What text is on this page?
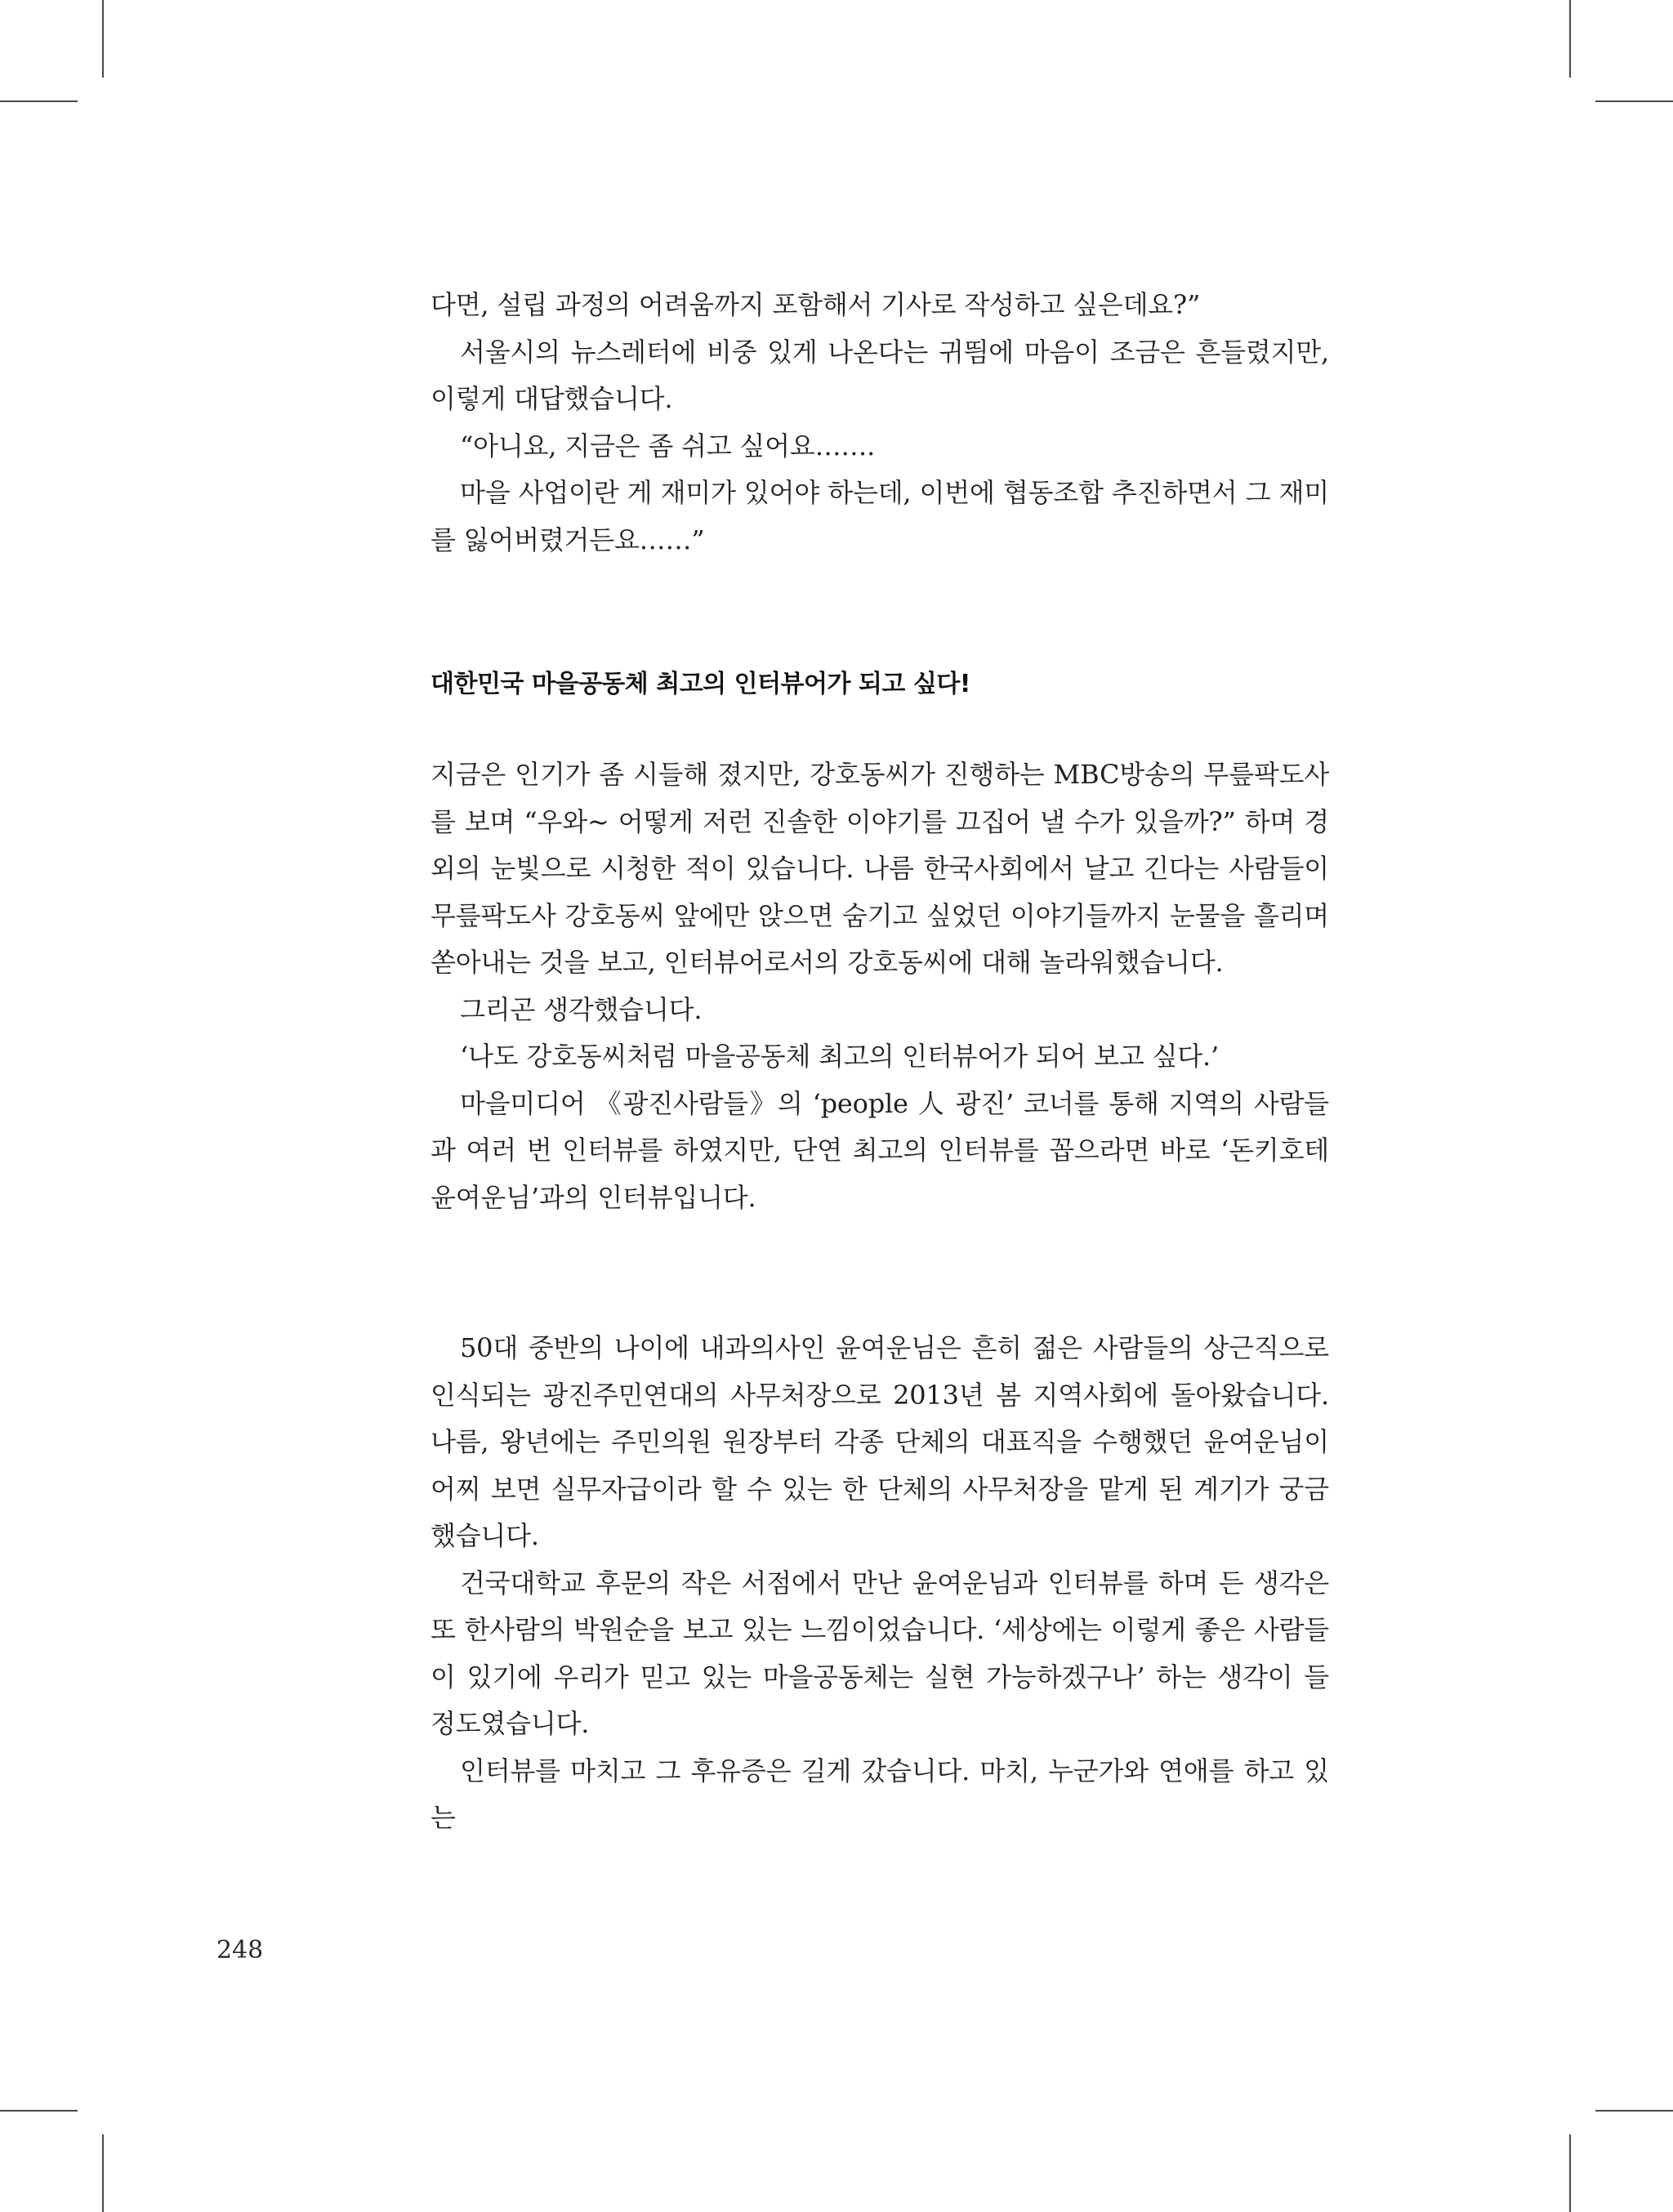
다면, 설립 과정의 어려움까지 포함해서 기사로 작성하고 싶은데요?”

서울시의 뉴스레터에 비중 있게 나온다는 귀띔에 마음이 조금은 흔들렸지만, 이렇게 대답했습니다.

“아니요, 지금은 좀 쉬고 싶어요…….

마을 사업이란 게 재미가 있어야 하는데, 이번에 협동조합 추진하면서 그 재미를 잃어버렸거든요……”

대한민국 마을공동체 최고의 인터뷰어가 되고 싶다!

지금은 인기가 좀 시들해 졌지만, 강호동씨가 진행하는 MBC방송의 무릎팍도사를 보며 “우와~ 어떻게 저런 진솔한 이야기를 끄집어 낼 수가 있을까?” 하며 경외의 눈빛으로 시청한 적이 있습니다. 나름 한국사회에서 날고 긴다는 사람들이 무릎팍도사 강호동씨 앞에만 앉으면 숨기고 싶었던 이야기들까지 눈물을 흘리며 쏟아내는 것을 보고, 인터뷰어로서의 강호동씨에 대해 놀라워했습니다.

그리곤 생각했습니다.

‘나도 강호동씨처럼 마을공동체 최고의 인터뷰어가 되어 보고 싶다.’

마을미디어 《광진사람들》의 ‘people 人 광진’ 코너를 통해 지역의 사람들과 여러 번 인터뷰를 하였지만, 단연 최고의 인터뷰를 꼽으라면 바로 ‘돈키호테 윤여운님’과의 인터뷰입니다.

50대 중반의 나이에 내과의사인 윤여운님은 흔히 젊은 사람들의 상근직으로 인식되는 광진주민연대의 사무처장으로 2013년 봄 지역사회에 돌아왔습니다. 나름, 왕년에는 주민의원 원장부터 각종 단체의 대표직을 수행했던 윤여운님이 어찌 보면 실무자급이라 할 수 있는 한 단체의 사무처장을 맡게 된 계기가 궁금했습니다.

건국대학교 후문의 작은 서점에서 만난 윤여운님과 인터뷰를 하며 든 생각은 또 한사람의 박원순을 보고 있는 느낌이었습니다. ‘세상에는 이렇게 좋은 사람들이 있기에 우리가 믿고 있는 마을공동체는 실현 가능하겠구나’ 하는 생각이 들 정도였습니다.

인터뷰를 마치고 그 후유증은 길게 갔습니다. 마치, 누군가와 연애를 하고 있는

248
